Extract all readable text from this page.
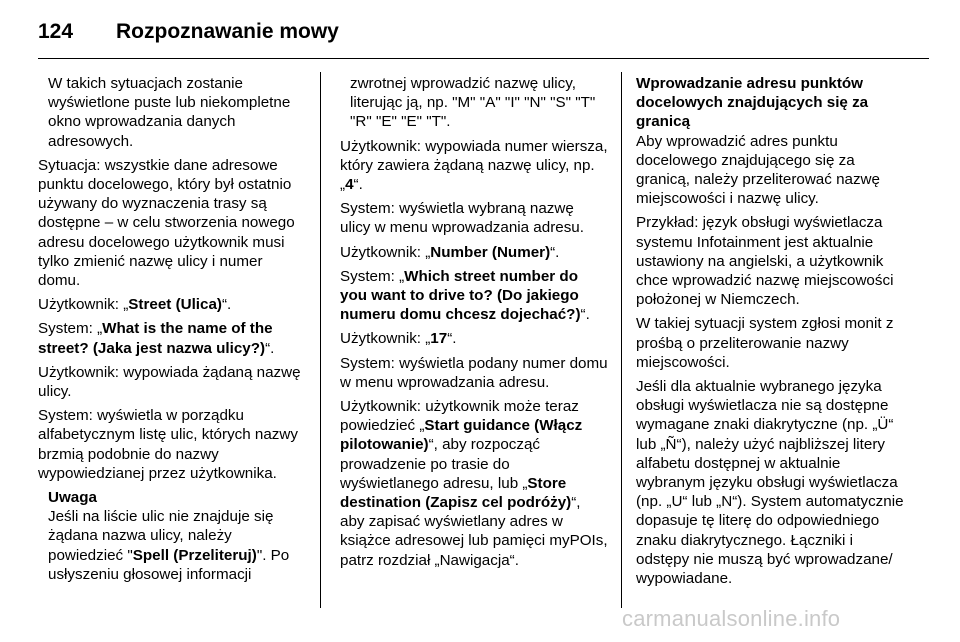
124 Rozpoznawanie mowy

W takich sytuacjach zostanie wyświetlone puste lub niekompletne okno wprowadzania danych adresowych.

Sytuacja: wszystkie dane adresowe punktu docelowego, który był ostatnio używany do wyznaczenia trasy są dostępne – w celu stworzenia nowego adresu docelowego użytkownik musi tylko zmienić nazwę ulicy i numer domu.

Użytkownik: „Street (Ulica)“.

System: „What is the name of the street? (Jaka jest nazwa ulicy?)“.

Użytkownik: wypowiada żądaną nazwę ulicy.

System: wyświetla w porządku alfabetycznym listę ulic, których nazwy brzmią podobnie do nazwy wypowiedzianej przez użytkownika.

Uwaga
Jeśli na liście ulic nie znajduje się żądana nazwa ulicy, należy powiedzieć "Spell (Przeliteruj)". Po usłyszeniu głosowej informacji

zwrotnej wprowadzić nazwę ulicy, literując ją, np. "M" "A" "I" "N" "S" "T" "R" "E" "E" "T".

Użytkownik: wypowiada numer wiersza, który zawiera żądaną nazwę ulicy, np. „4“.

System: wyświetla wybraną nazwę ulicy w menu wprowadzania adresu.

Użytkownik: „Number (Numer)“.

System: „Which street number do you want to drive to? (Do jakiego numeru domu chcesz dojechać?)“.

Użytkownik: „17“.

System: wyświetla podany numer domu w menu wprowadzania adresu.

Użytkownik: użytkownik może teraz powiedzieć „Start guidance (Włącz pilotowanie)“, aby rozpocząć prowadzenie po trasie do wyświetlanego adresu, lub „Store destination (Zapisz cel podróży)“, aby zapisać wyświetlany adres w książce adresowej lub pamięci myPOIs, patrz rozdział „Nawigacja“.

Wprowadzanie adresu punktów docelowych znajdujących się za granicą

Aby wprowadzić adres punktu docelowego znajdującego się za granicą, należy przeliterować nazwę miejscowości i nazwę ulicy.

Przykład: język obsługi wyświetlacza systemu Infotainment jest aktualnie ustawiony na angielski, a użytkownik chce wprowadzić nazwę miejscowości położonej w Niemczech.

W takiej sytuacji system zgłosi monit z prośbą o przeliterowanie nazwy miejscowości.

Jeśli dla aktualnie wybranego języka obsługi wyświetlacza nie są dostępne wymagane znaki diakrytyczne (np. „Ü“ lub „Ñ“), należy użyć najbliższej litery alfabetu dostępnej w aktualnie wybranym języku obsługi wyświetlacza (np. „U“ lub „N“). System automatycznie dopasuje tę literę do odpowiedniego znaku diakrytycznego. Łączniki i odstępy nie muszą być wprowadzane/ wypowiadane.

carmanualsonline.info
